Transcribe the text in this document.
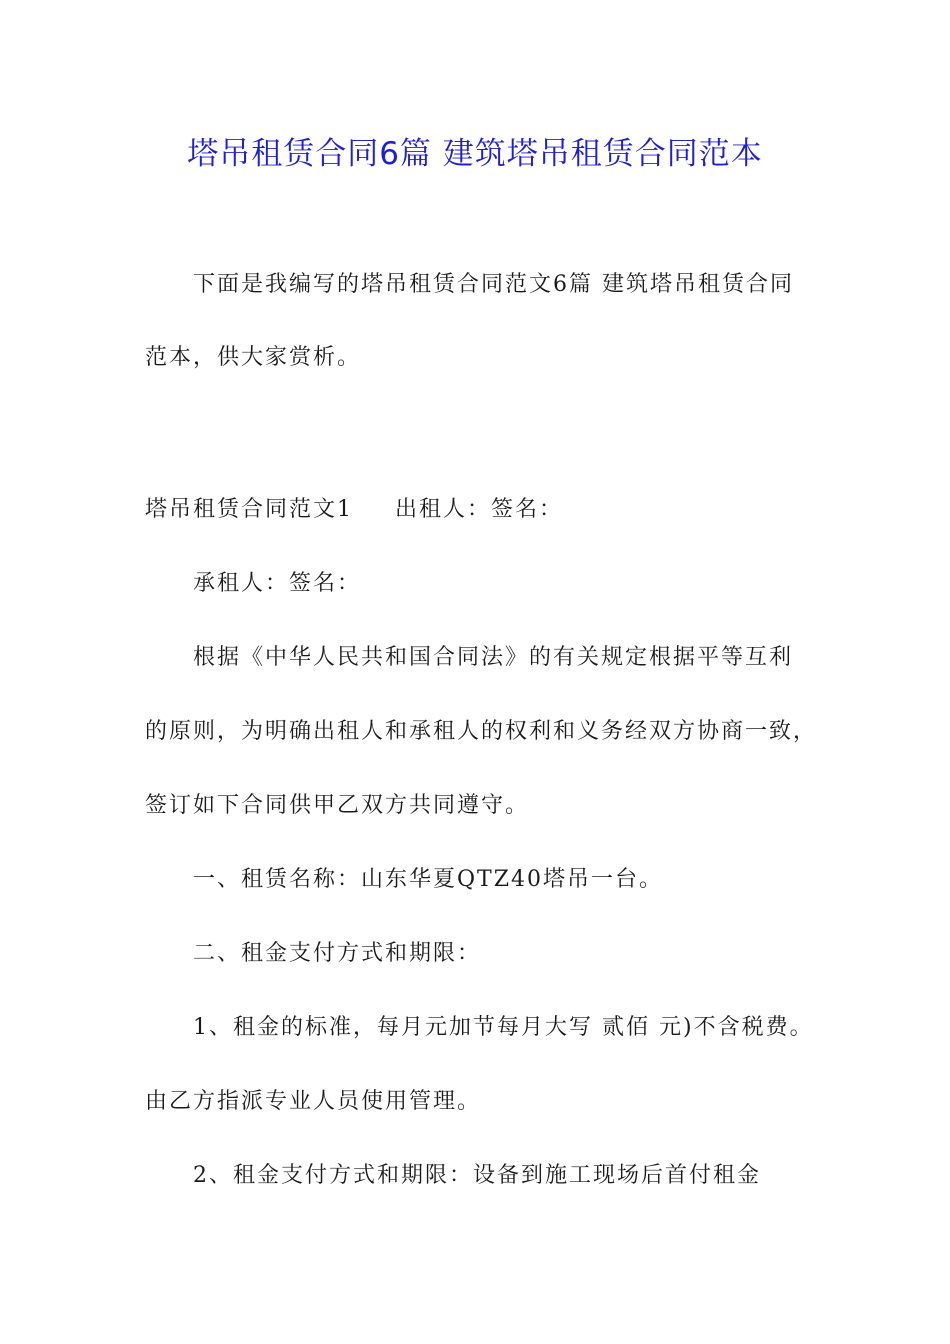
塔吊租赁合同6篇 建筑塔吊租赁合同范本
下面是我编写的塔吊租赁合同范文6篇 建筑塔吊租赁合同
范本，供大家赏析。
塔吊租赁合同范文1 出租人：签名：
承租人：签名：
根据《中华人民共和国合同法》的有关规定根据平等互利
的原则，为明确出租人和承租人的权利和义务经双方协商一致，
签订如下合同供甲乙双方共同遵守。
一、租赁名称：山东华夏QTZ40塔吊一台。
二、租金支付方式和期限：
1、租金的标准，每月元加节每月大写 贰佰 元)不含税费。
由乙方指派专业人员使用管理。
2、租金支付方式和期限：设备到施工现场后首付租金
